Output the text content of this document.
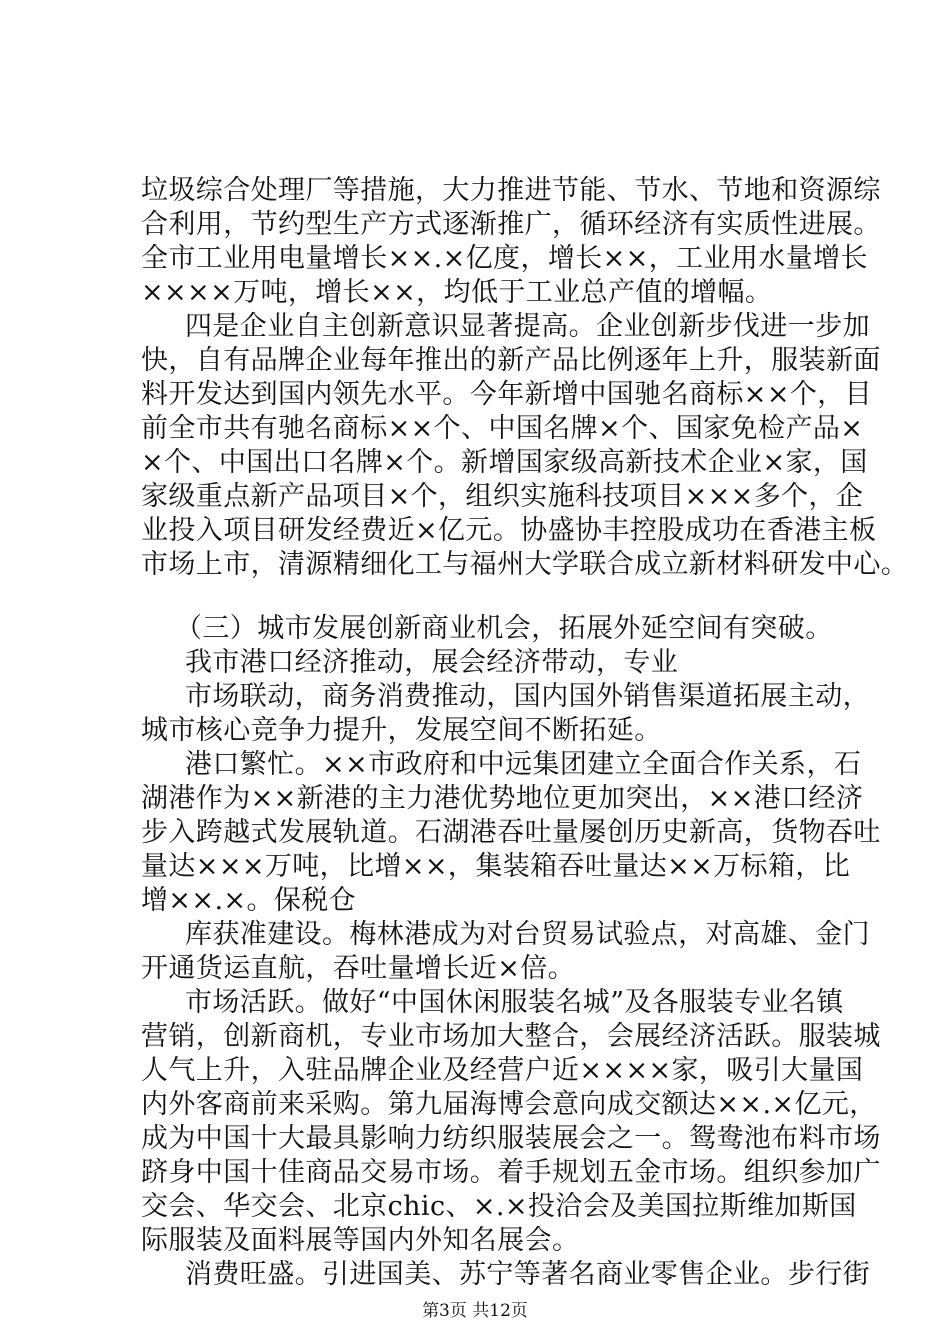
垃圾综合处理厂等措施，大力推进节能、节水、节地和资源综
合利用，节约型生产方式逐渐推广，循环经济有实质性进展。
全市工业用电量增长××.×亿度，增长××，工业用水量增长
××××万吨，增长××，均低于工业总产值的增幅。
四是企业自主创新意识显著提高。企业创新步伐进一步加
快，自有品牌企业每年推出的新产品比例逐年上升，服装新面
料开发达到国内领先水平。今年新增中国驰名商标××个，目
前全市共有驰名商标××个、中国名牌×个、国家免检产品×
×个、中国出口名牌×个。新增国家级高新技术企业×家，国
家级重点新产品项目×个，组织实施科技项目×××多个，企
业投入项目研发经费近×亿元。协盛协丰控股成功在香港主板
市场上市，清源精细化工与福州大学联合成立新材料研发中心。
（三）城市发展创新商业机会，拓展外延空间有突破。
我市港口经济推动，展会经济带动，专业
市场联动，商务消费推动，国内国外销售渠道拓展主动，
城市核心竞争力提升，发展空间不断拓延。
港口繁忙。××市政府和中远集团建立全面合作关系，石
湖港作为××新港的主力港优势地位更加突出，××港口经济
步入跨越式发展轨道。石湖港吞吐量屡创历史新高，货物吞吐
量达×××万吨，比增××，集装箱吞吐量达××万标箱，比
增××.×。保税仓
库获准建设。梅林港成为对台贸易试验点，对高雄、金门
开通货运直航，吞吐量增长近×倍。
市场活跃。做好“中国休闲服装名城”及各服装专业名镇
营销，创新商机，专业市场加大整合，会展经济活跃。服装城
人气上升，入驻品牌企业及经营户近××××家，吸引大量国
内外客商前来采购。第九届海博会意向成交额达××.×亿元，
成为中国十大最具影响力纺织服装展会之一。鸳鸯池布料市场
跻身中国十佳商品交易市场。着手规划五金市场。组织参加广
交会、华交会、北京chic、×.×投洽会及美国拉斯维加斯国
际服装及面料展等国内外知名展会。
消费旺盛。引进国美、苏宁等著名商业零售企业。步行街
第3页 共12页
